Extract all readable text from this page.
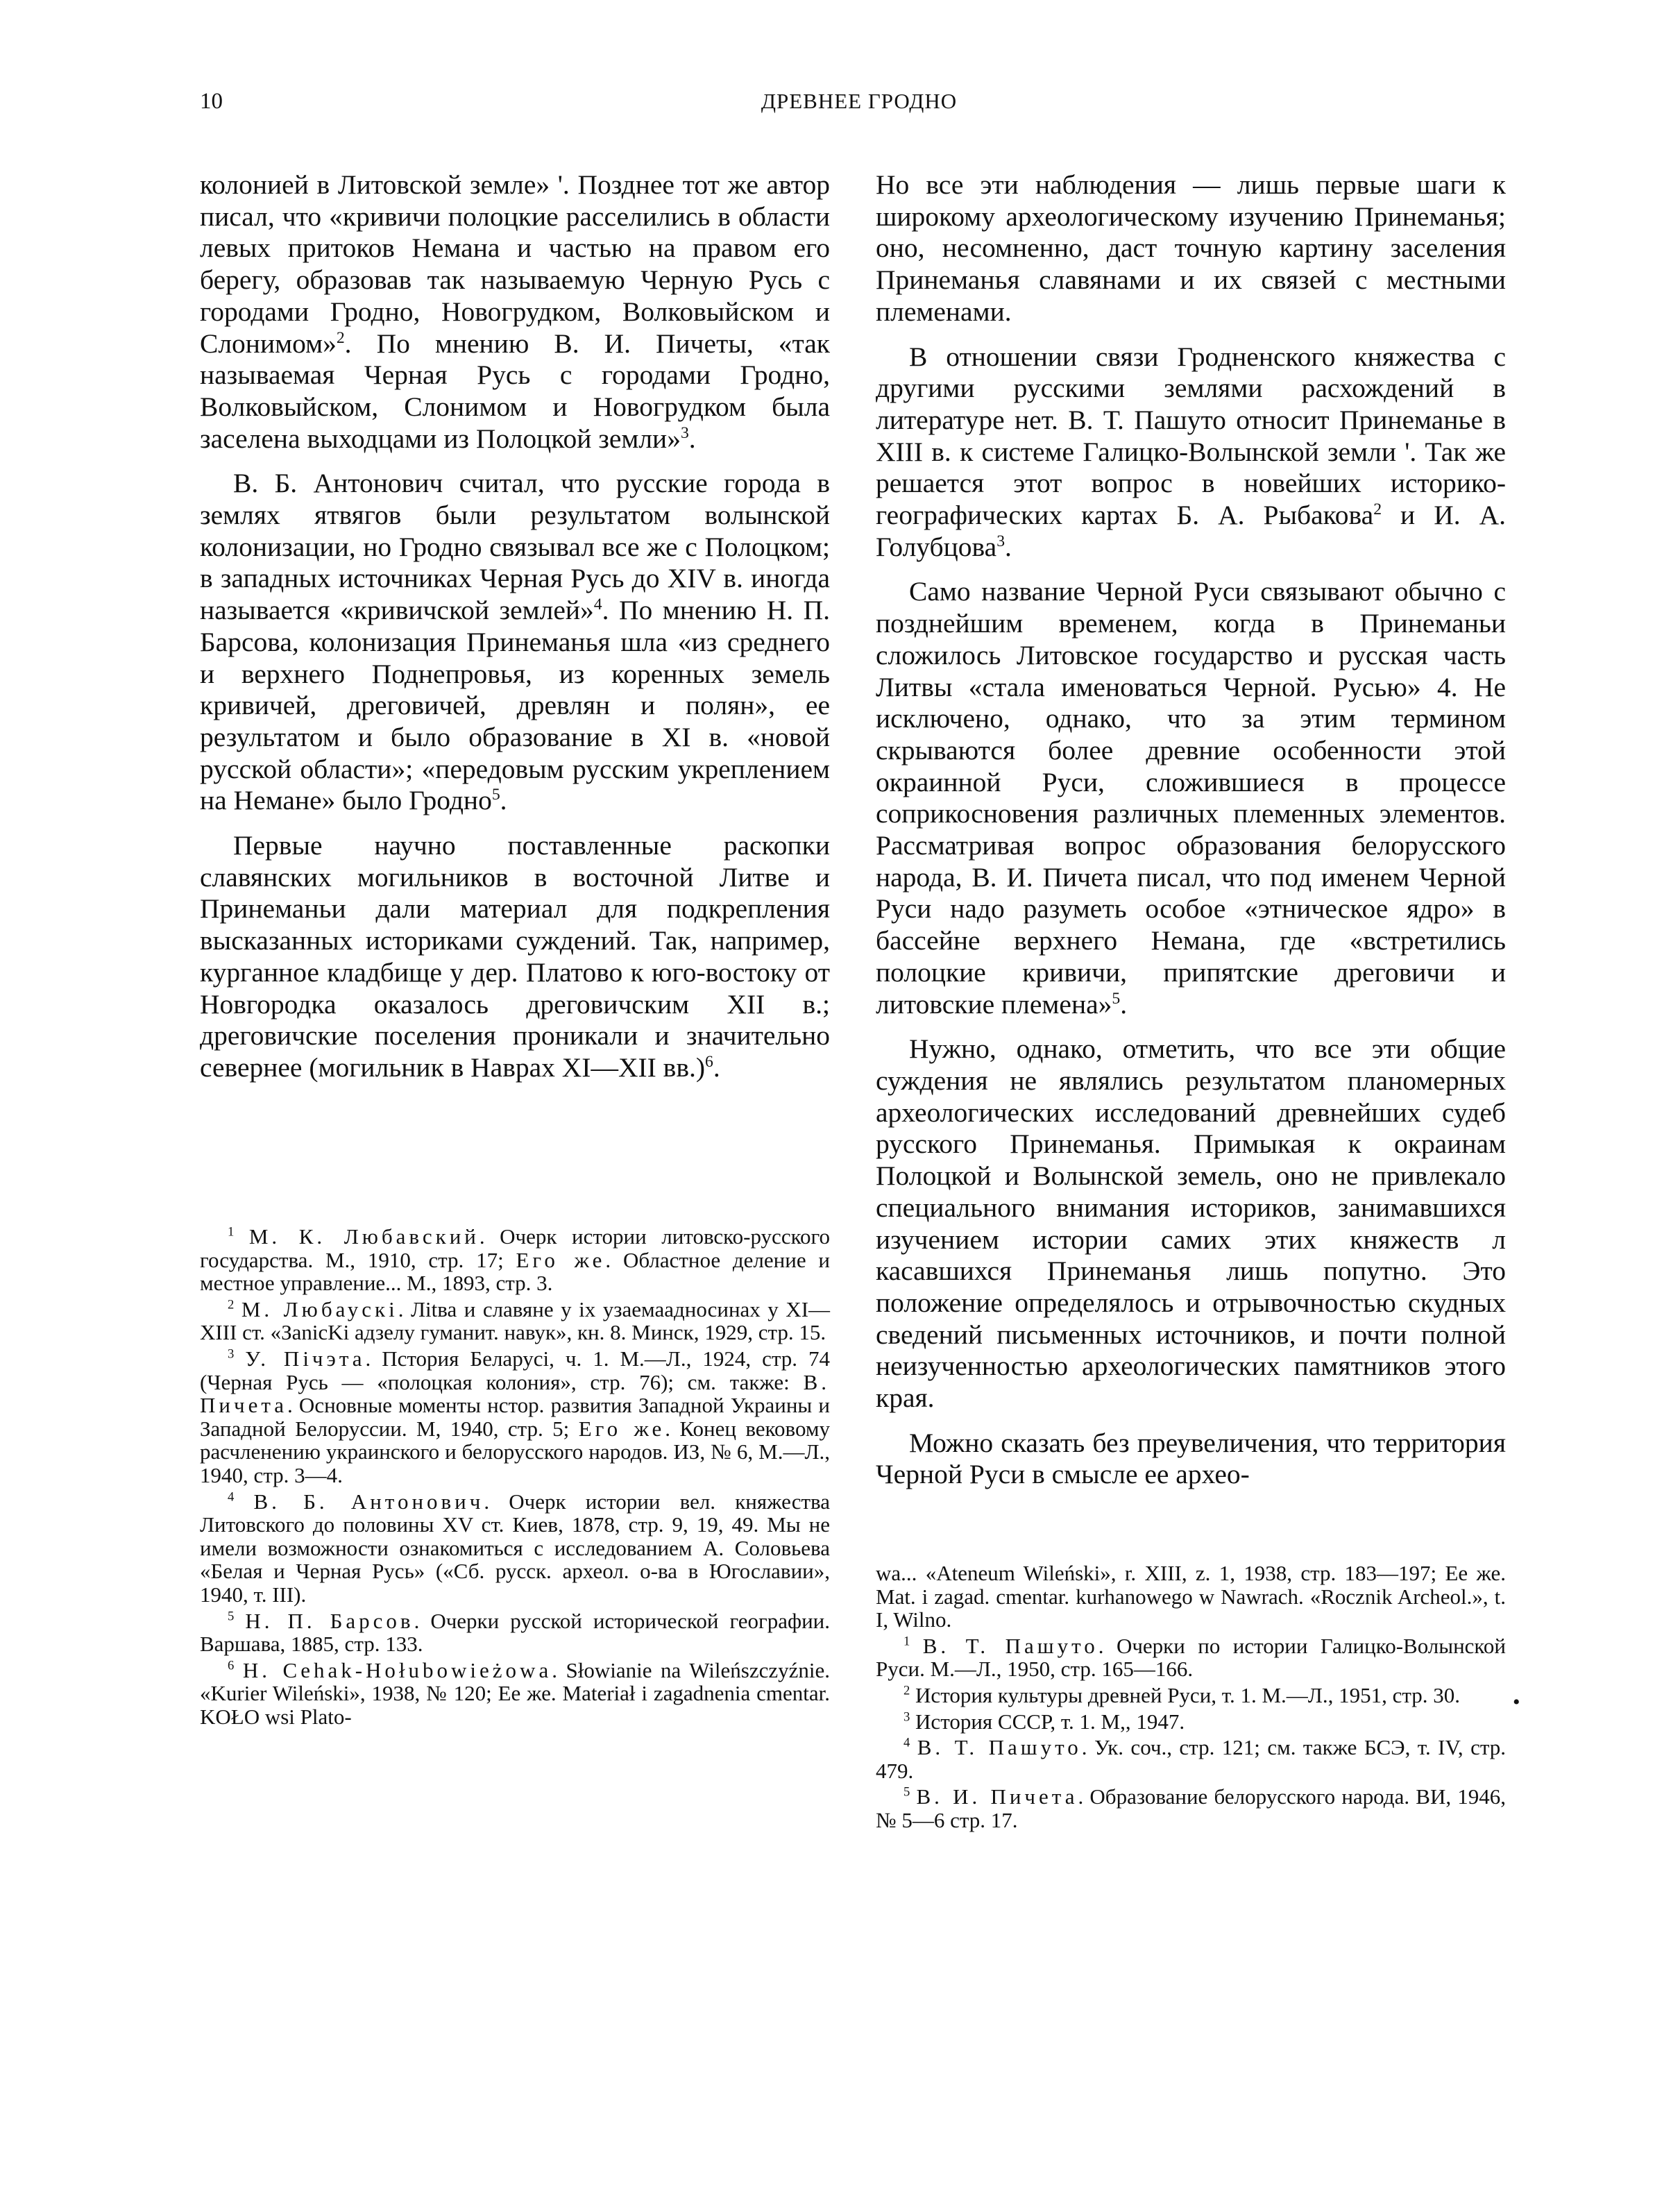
10	ДРЕВНЕЕ ГРОДНО

колонией в Литовской земле» '. Позднее тот же автор писал, что «кривичи полоцкие расселились в области левых притоков Немана и частью на правом его берегу, образовав так называемую Черную Русь с городами Гродно, Новогрудком, Волковыйском и Слонимом»$^2$. По мнению В. И. Пичеты, «так называемая Черная Русь с городами Гродно, Волковыйском, Слонимом и Новогрудком была заселена выходцами из Полоцкой земли»$^3$.

В. Б. Антонович считал, что русские города в землях ятвягов были результатом волынской колонизации, но Гродно связывал все же с Полоцком; в западных источниках Черная Русь до XIV в. иногда называется «кривичской землей»$^4$. По мнению Н. П. Барсова, колонизация Принеманья шла «из среднего и верхнего Поднепровья, из коренных земель кривичей, дреговичей, древлян и полян», ее результатом и было образование в XI в. «новой русской области»; «передовым русским укреплением на Немане» было Гродно$^5$.

Первые научно поставленные раскопки славянских могильников в восточной Литве и Принеманьи дали материал для подкрепления высказанных историками суждений. Так, например, курганное кладбище у дер. Платово к юго-востоку от Новгородка оказалось дреговичским XII в.; дреговичские поселения проникали и значительно севернее (могильник в Наврах XI—XII вв.)$^6$.

Но все эти наблюдения — лишь первые шаги к широкому археологическому изучению Принеманья; оно, несомненно, даст точную картину заселения Принеманья славянами и их связей с местными племенами.

В отношении связи Гродненского княжества с другими русскими землями расхождений в литературе нет. В. Т. Пашуто относит Принеманье в XIII в. к системе Галицко-Волынской земли '. Так же решается этот вопрос в новейших историко-географических картах Б. А. Рыбакова$^2$ и И. А. Голубцова$^3$.

Само название Черной Руси связывают обычно с позднейшим временем, когда в Принеманьи сложилось Литовское государство и русская часть Литвы «стала именоваться Черной. Русью» 4. Не исключено, однако, что за этим термином скрываются более древние особенности этой окраинной Руси, сложившиеся в процессе соприкосновения различных племенных элементов. Рассматривая вопрос образования белорусского народа, В. И. Пичета писал, что под именем Черной Руси надо разуметь особое «этническое ядро» в бассейне верхнего Немана, где «встретились полоцкие кривичи, припятские дреговичи и литовские племена»$^5$.

Нужно, однако, отметить, что все эти общие суждения не являлись результатом планомерных археологических исследований древнейших судеб русского Принеманья. Примыкая к окраинам Полоцкой и Волынской земель, оно не привлекало специального внимания историков, занимавшихся изучением истории самих этих княжеств л касавшихся Принеманья лишь попутно. Это положение определялось и отрывочностью скудных сведений письменных источников, и почти полной неизученностью археологических памятников этого края.

Можно сказать без преувеличения, что территория Черной Руси в смысле ее архео-

$^1$ М. К. Любавский. Очерк истории литовско-русского государства. М., 1910, стр. 17; Его же. Областное деление и местное управление... М., 1893, стр. 3.

$^2$ М. Любаускі. Ліtва и славяне у іх узаемаадносинах у XI—XIII ст. «ЗanicKi адзелу гуманит. навук», кн. 8. Минск, 1929, стр. 15.

$^3$ У. Пiчэта. Пстория Беларусi, ч. 1. М.—Л., 1924, стр. 74 (Черная Русь — «полоцкая колония», стр. 76); см. также: В. Пичета. Основные моменты нстор. развития Западной Украины и Западной Белоруссии. М, 1940, стр. 5; Его же. Конец вековому расчленению украинского и белорусского народов. ИЗ, № 6, М.—Л., 1940, стр. 3—4.

$^4$ В. Б. Антонович. Очерк истории вел. княжества Литовского до половины XV ст. Киев, 1878, стр. 9, 19, 49. Мы не имели возможности ознакомиться с исследованием А. Соловьева «Белая и Черная Русь» («Сб. русск. археол. о-ва в Югославии», 1940, т. III).

$^5$ Н. П. Барсов. Очерки русской исторической географии. Варшава, 1885, стр. 133.

$^6$ H. Cehak-Hołubowieżowa. Słowianie na Wileńszczyźnie. «Kurier Wileński», 1938, № 120; Ее же. Materiał i zagadnenia cmentar. KOŁO wsi Plato-

wa... «Ateneum Wileński», r. XIII, z. 1, 1938, стр. 183—197; Ее же. Mat. i zagad. cmentar. kurhanowego w Nawrach. «Rocznik Archeol.», t. I, Wilno.

$^1$ В. Т. Пашуто. Очерки по истории Галицко-Волынской Руси. М.—Л., 1950, стр. 165—166.

$^2$ История культуры древней Руси, т. 1. М.—Л., 1951, стр. 30.

$^3$ История СССР, т. 1. М,, 1947.

$^4$ В. Т. Пашуто. Ук. соч., стр. 121; см. также БСЭ, т. IV, стр. 479.

$^5$ В. И. Пичета. Образование белорусского народа. ВИ, 1946, № 5—6 стр. 17.

•
